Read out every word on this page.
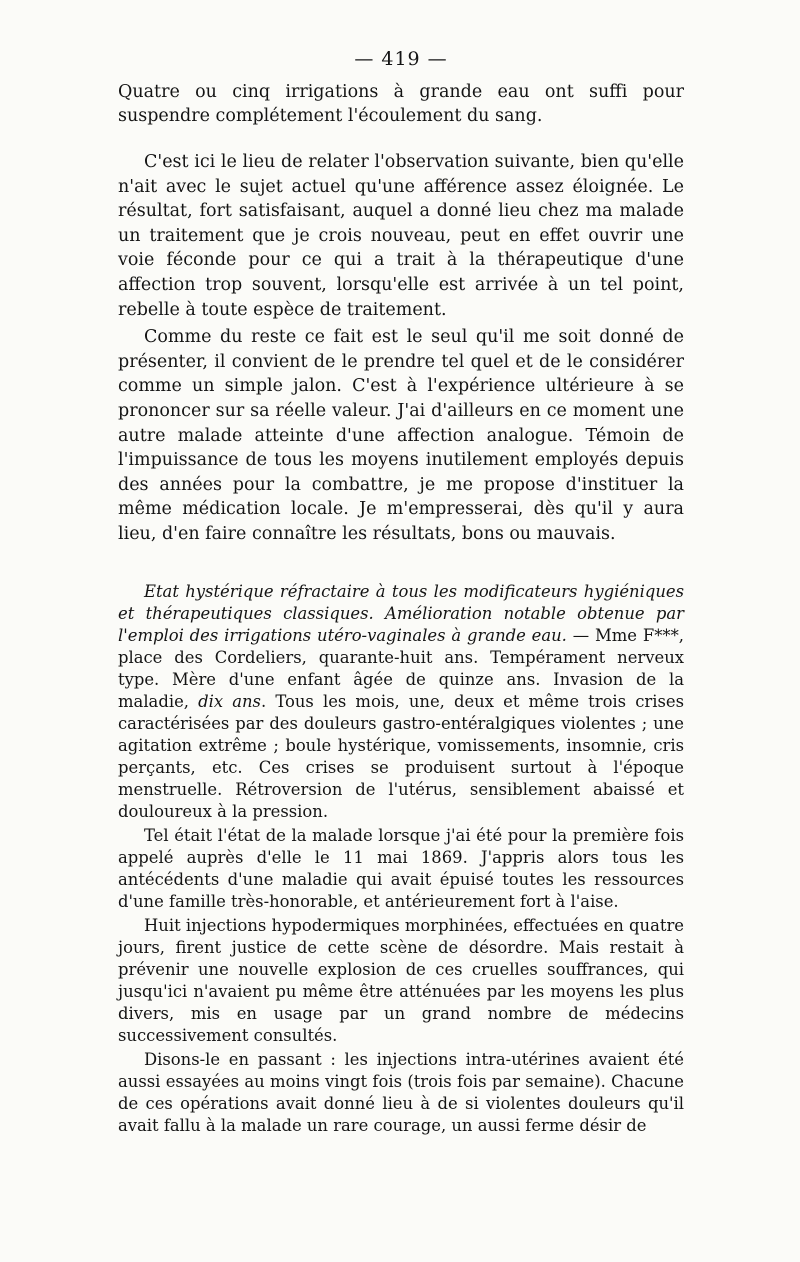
— 419 —

Quatre ou cinq irrigations à grande eau ont suffi pour suspendre complétement l'écoulement du sang.

C'est ici le lieu de relater l'observation suivante, bien qu'elle n'ait avec le sujet actuel qu'une afférence assez éloignée. Le résultat, fort satisfaisant, auquel a donné lieu chez ma malade un traitement que je crois nouveau, peut en effet ouvrir une voie féconde pour ce qui a trait à la thérapeutique d'une affection trop souvent, lorsqu'elle est arrivée à un tel point, rebelle à toute espèce de traitement.

Comme du reste ce fait est le seul qu'il me soit donné de présenter, il convient de le prendre tel quel et de le considérer comme un simple jalon. C'est à l'expérience ultérieure à se prononcer sur sa réelle valeur. J'ai d'ailleurs en ce moment une autre malade atteinte d'une affection analogue. Témoin de l'impuissance de tous les moyens inutilement employés depuis des années pour la combattre, je me propose d'instituer la même médication locale. Je m'empresserai, dès qu'il y aura lieu, d'en faire connaître les résultats, bons ou mauvais.

Etat hystérique réfractaire à tous les modificateurs hygiéniques et thérapeutiques classiques. Amélioration notable obtenue par l'emploi des irrigations utéro-vaginales à grande eau. — Mme F***, place des Cordeliers, quarante-huit ans. Tempérament nerveux type. Mère d'une enfant âgée de quinze ans. Invasion de la maladie, dix ans. Tous les mois, une, deux et même trois crises caractérisées par des douleurs gastro-entéralgiques violentes ; une agitation extrême ; boule hystérique, vomissements, insomnie, cris perçants, etc. Ces crises se produisent surtout à l'époque menstruelle. Rétroversion de l'utérus, sensiblement abaissé et douloureux à la pression.

Tel était l'état de la malade lorsque j'ai été pour la première fois appelé auprès d'elle le 11 mai 1869. J'appris alors tous les antécédents d'une maladie qui avait épuisé toutes les ressources d'une famille très-honorable, et antérieurement fort à l'aise.

Huit injections hypodermiques morphinées, effectuées en quatre jours, firent justice de cette scène de désordre. Mais restait à prévenir une nouvelle explosion de ces cruelles souffrances, qui jusqu'ici n'avaient pu même être atténuées par les moyens les plus divers, mis en usage par un grand nombre de médecins successivement consultés.

Disons-le en passant : les injections intra-utérines avaient été aussi essayées au moins vingt fois (trois fois par semaine). Chacune de ces opérations avait donné lieu à de si violentes douleurs qu'il avait fallu à la malade un rare courage, un aussi ferme désir de
